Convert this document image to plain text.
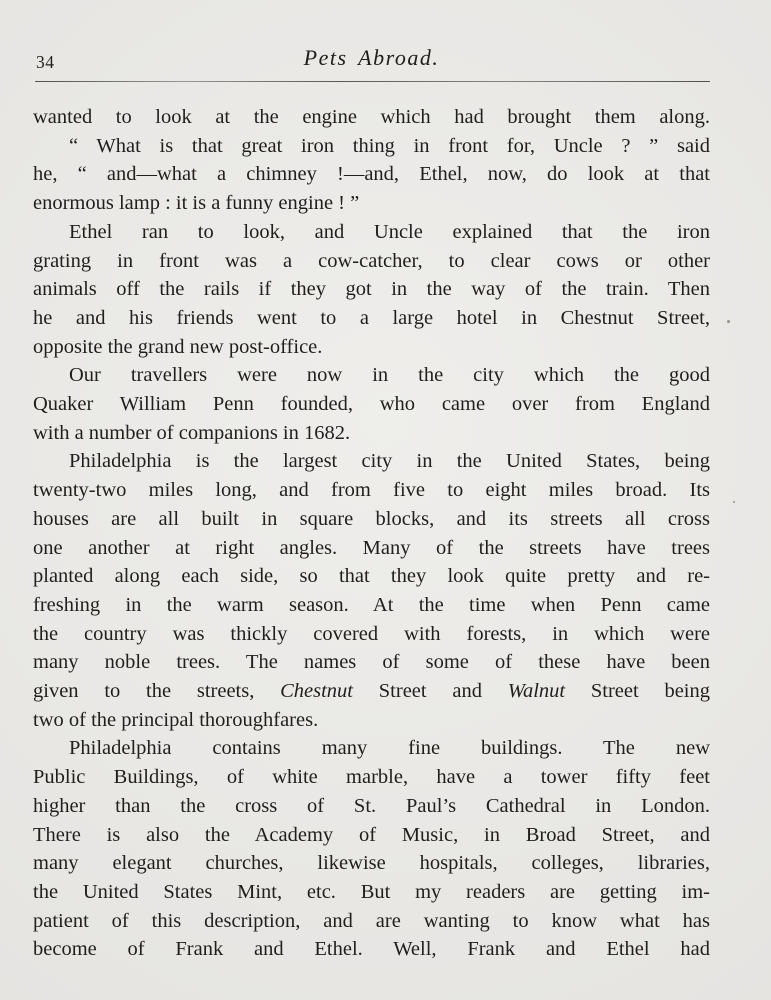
34	Pets Abroad.
wanted to look at the engine which had brought them along.
“ What is that great iron thing in front for, Uncle ? ” said
he, “ and—what a chimney !—and, Ethel, now, do look at that
enormous lamp : it is a funny engine ! ”
Ethel ran to look, and Uncle explained that the iron
grating in front was a cow-catcher, to clear cows or other
animals off the rails if they got in the way of the train. Then
he and his friends went to a large hotel in Chestnut Street,
opposite the grand new post-office.
Our travellers were now in the city which the good
Quaker William Penn founded, who came over from England
with a number of companions in 1682.
Philadelphia is the largest city in the United States, being
twenty-two miles long, and from five to eight miles broad. Its
houses are all built in square blocks, and its streets all cross
one another at right angles. Many of the streets have trees
planted along each side, so that they look quite pretty and re-
freshing in the warm season. At the time when Penn came
the country was thickly covered with forests, in which were
many noble trees. The names of some of these have been
given to the streets, Chestnut Street and Walnut Street being
two of the principal thoroughfares.
Philadelphia contains many fine buildings. The new
Public Buildings, of white marble, have a tower fifty feet
higher than the cross of St. Paul’s Cathedral in London.
There is also the Academy of Music, in Broad Street, and
many elegant churches, likewise hospitals, colleges, libraries,
the United States Mint, etc. But my readers are getting im-
patient of this description, and are wanting to know what has
become of Frank and Ethel. Well, Frank and Ethel had
